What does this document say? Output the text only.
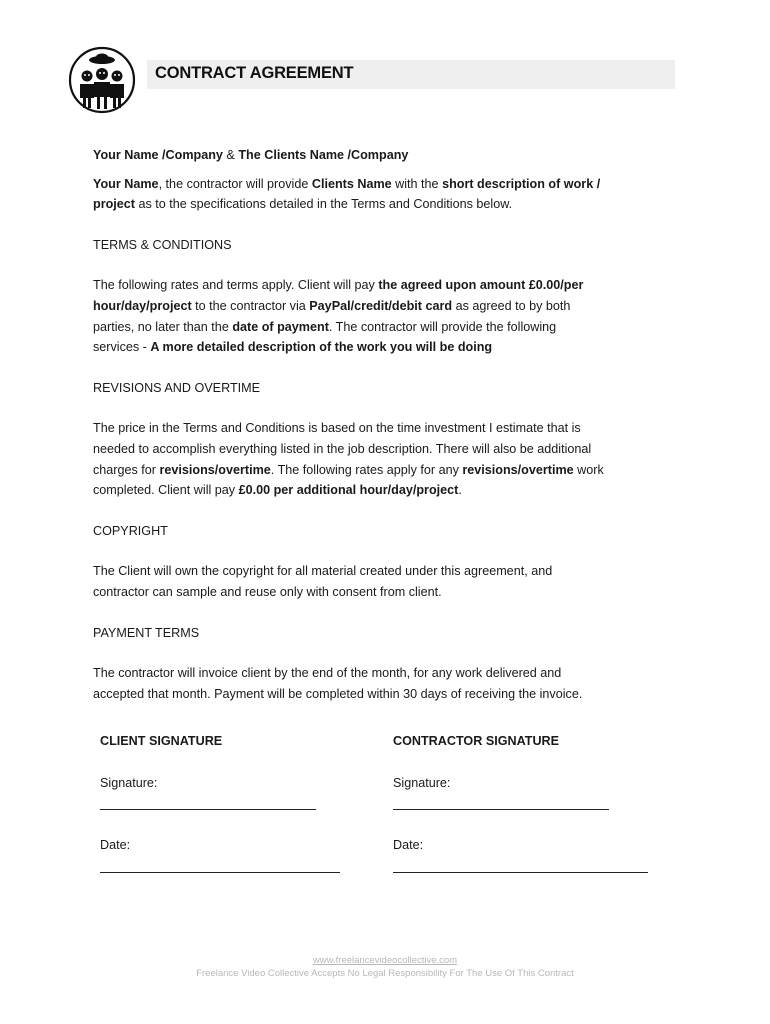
CONTRACT AGREEMENT

Your Name /Company & The Clients Name /Company

Your Name, the contractor will provide Clients Name with the short description of work /
project as to the specifications detailed in the Terms and Conditions below.

TERMS & CONDITIONS

The following rates and terms apply. Client will pay the agreed upon amount £0.00/per
hour/day/project to the contractor via PayPal/credit/debit card as agreed to by both
parties, no later than the date of payment. The contractor will provide the following
services - A more detailed description of the work you will be doing

REVISIONS AND OVERTIME

The price in the Terms and Conditions is based on the time investment I estimate that is
needed to accomplish everything listed in the job description. There will also be additional
charges for revisions/overtime. The following rates apply for any revisions/overtime work
completed. Client will pay £0.00 per additional hour/day/project.

COPYRIGHT

The Client will own the copyright for all material created under this agreement, and
contractor can sample and reuse only with consent from client.

PAYMENT TERMS

The contractor will invoice client by the end of the month, for any work delivered and
accepted that month. Payment will be completed within 30 days of receiving the invoice.

CLIENT SIGNATURE
Signature:
Date:
CONTRACTOR SIGNATURE
Signature:
Date:
www.freelancevideocollective.com
Freelance Video Collective Accepts No Legal Responsibility For The Use Of This Contract
